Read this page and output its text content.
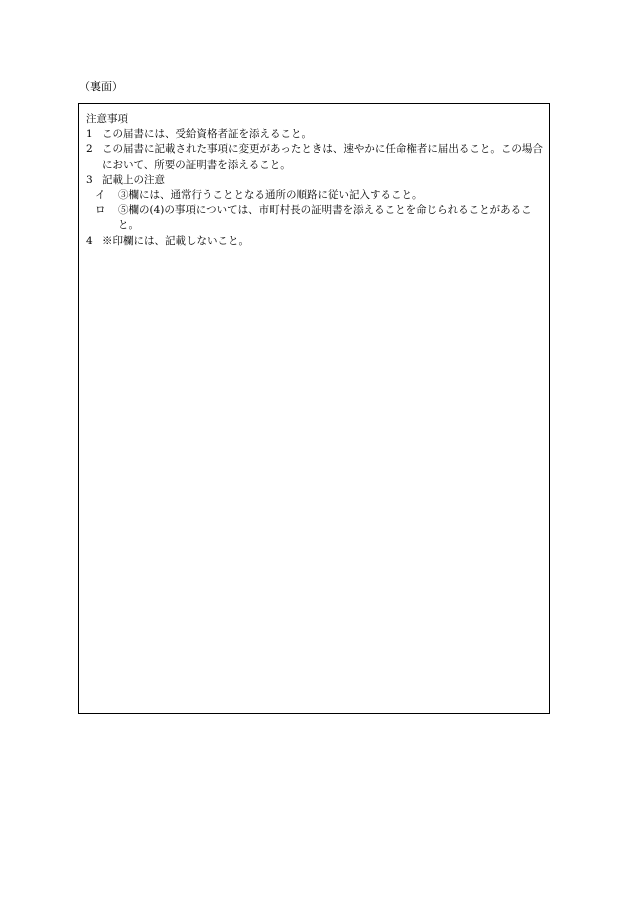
（裏面）
注意事項
1 この届書には、受給資格者証を添えること。
2 この届書に記載された事項に変更があったときは、速やかに任命権者に届出ること。この場合において、所要の証明書を添えること。
3 記載上の注意
イ	③欄には、通常行うこととなる通所の順路に従い記入すること。
ロ	⑤欄の(4)の事項については、市町村長の証明書を添えることを命じられることがあること。
4 ※印欄には、記載しないこと。
